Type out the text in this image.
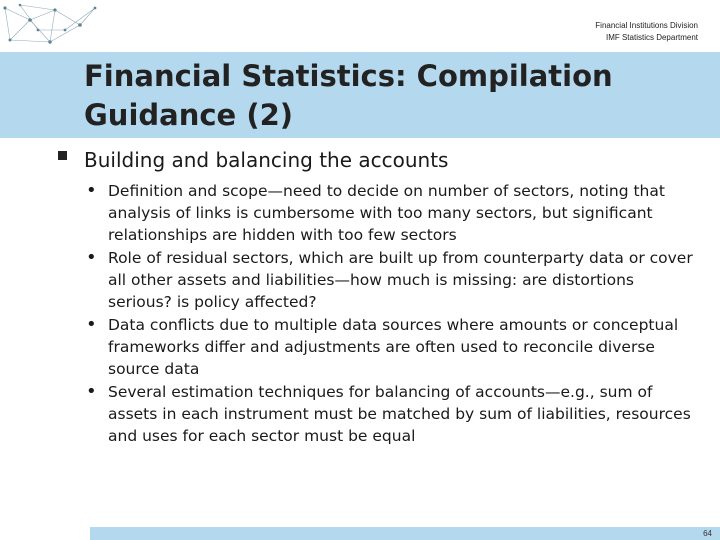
Financial Institutions Division
IMF Statistics Department
Financial Statistics: Compilation
Guidance (2)
Building and balancing the accounts
• Definition and scope—need to decide on number of sectors, noting that analysis of links is cumbersome with too many sectors, but significant relationships are hidden with too few sectors
• Role of residual sectors, which are built up from counterparty data or cover all other assets and liabilities—how much is missing: are distortions serious? is policy affected?
• Data conflicts due to multiple data sources where amounts or conceptual frameworks differ and adjustments are often used to reconcile diverse source data
• Several estimation techniques for balancing of accounts—e.g., sum of assets in each instrument must be matched by sum of liabilities, resources and uses for each sector must be equal
64
